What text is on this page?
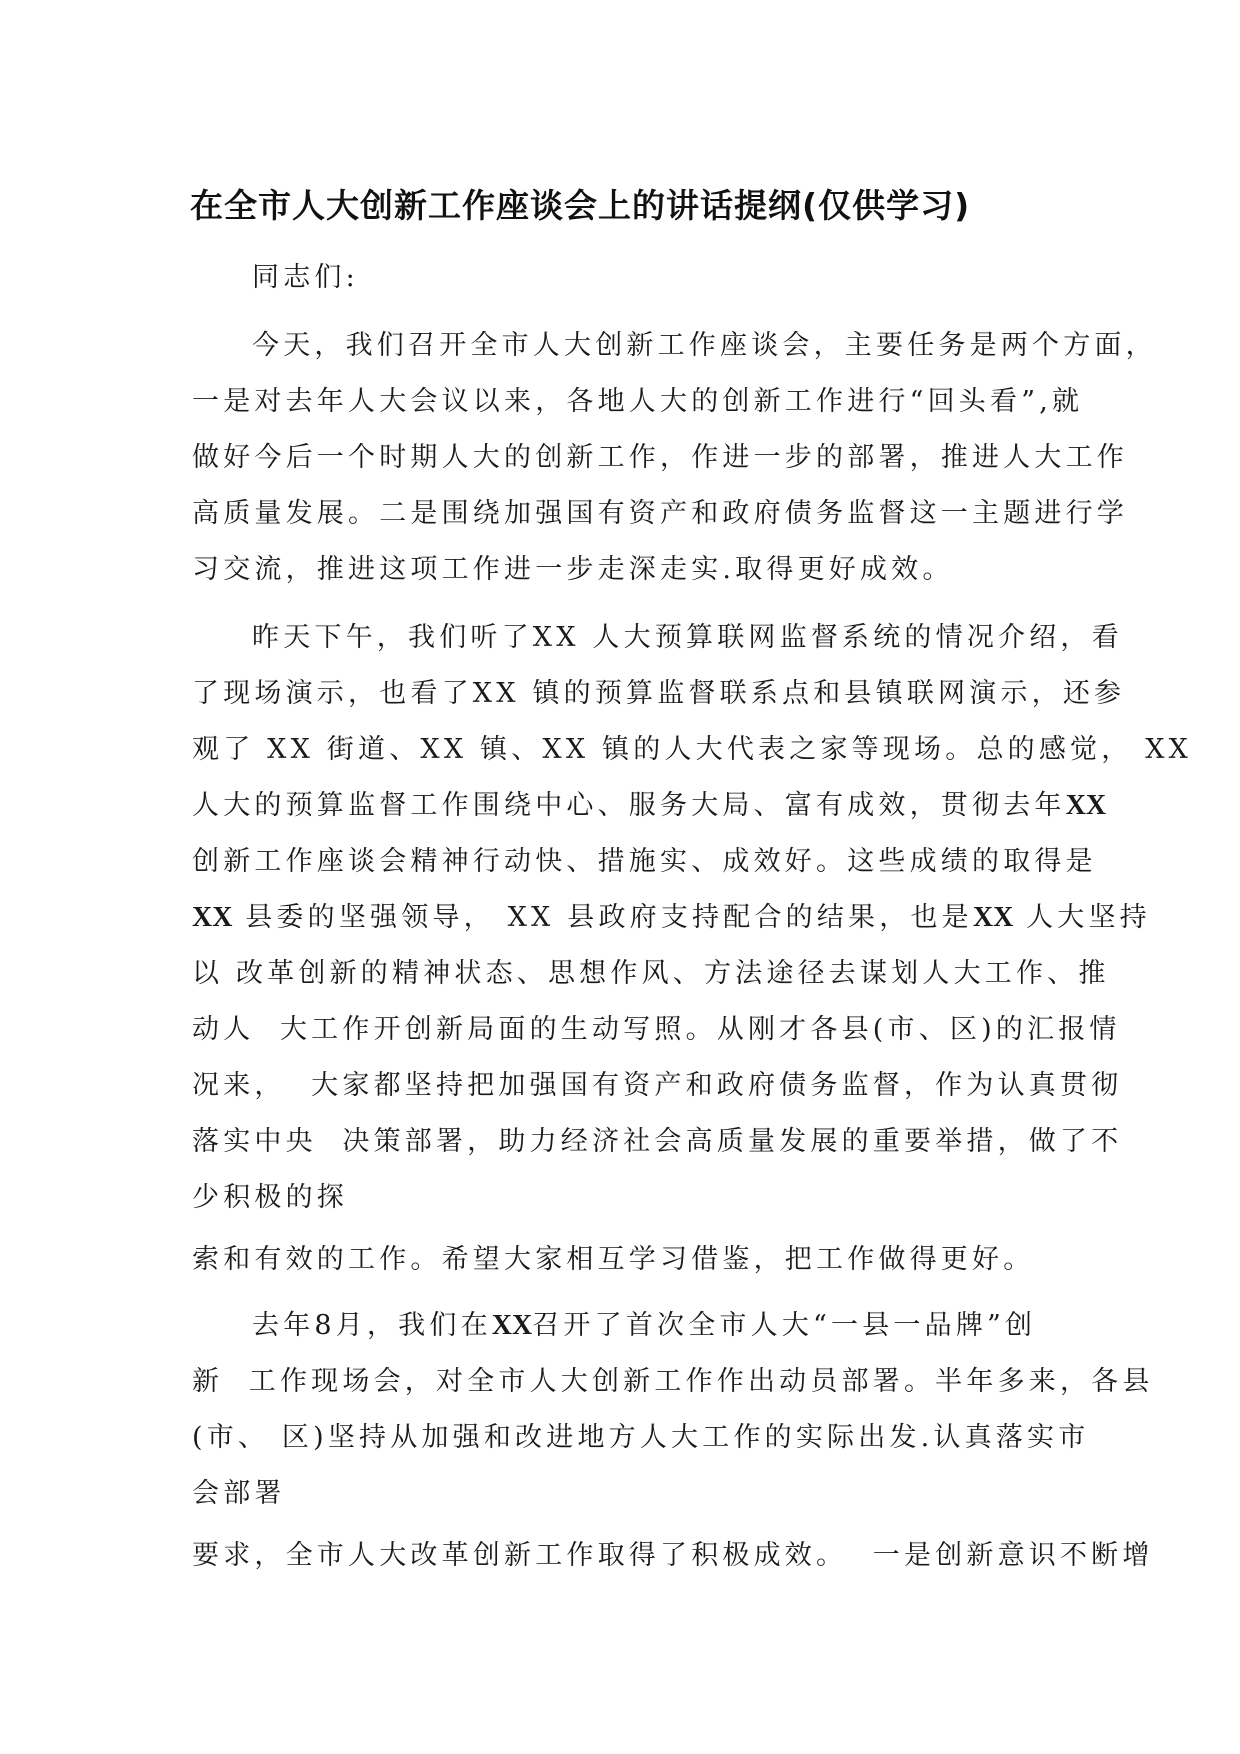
在全市人大创新工作座谈会上的讲话提纲(仅供学习)
同志们:
今天，我们召开全市人大创新工作座谈会，主要任务是两个方面，
一是对去年人大会议以来，各地人大的创新工作进行“回头看”,就
做好今后一个时期人大的创新工作，作进一步的部署，推进人大工作
高质量发展。二是围绕加强国有资产和政府债务监督这一主题进行学
习交流，推进这项工作进一步走深走实.取得更好成效。
昨天下午，我们听了XX 人大预算联网监督系统的情况介绍，看
了现场演示，也看了XX 镇的预算监督联系点和县镇联网演示，还参
观了 XX 街道、XX 镇、XX 镇的人大代表之家等现场。总的感觉， XX
人大的预算监督工作围绕中心、服务大局、富有成效，贯彻去年XX
创新工作座谈会精神行动快、措施实、成效好。这些成绩的取得是
XX 县委的坚强领导， XX 县政府支持配合的结果，也是XX 人大坚持
以 改革创新的精神状态、思想作风、方法途径去谋划人大工作、推
动人  大工作开创新局面的生动写照。从刚才各县(市、区)的汇报情
况来，  大家都坚持把加强国有资产和政府债务监督，作为认真贯彻
落实中央  决策部署，助力经济社会高质量发展的重要举措，做了不
少积极的探
索和有效的工作。希望大家相互学习借鉴，把工作做得更好。
去年8月，我们在XX召开了首次全市人大“一县一品牌”创
新  工作现场会，对全市人大创新工作作出动员部署。半年多来，各县
(市、 区)坚持从加强和改进地方人大工作的实际出发.认真落实市
会部署
要求，全市人大改革创新工作取得了积极成效。  一是创新意识不断增
